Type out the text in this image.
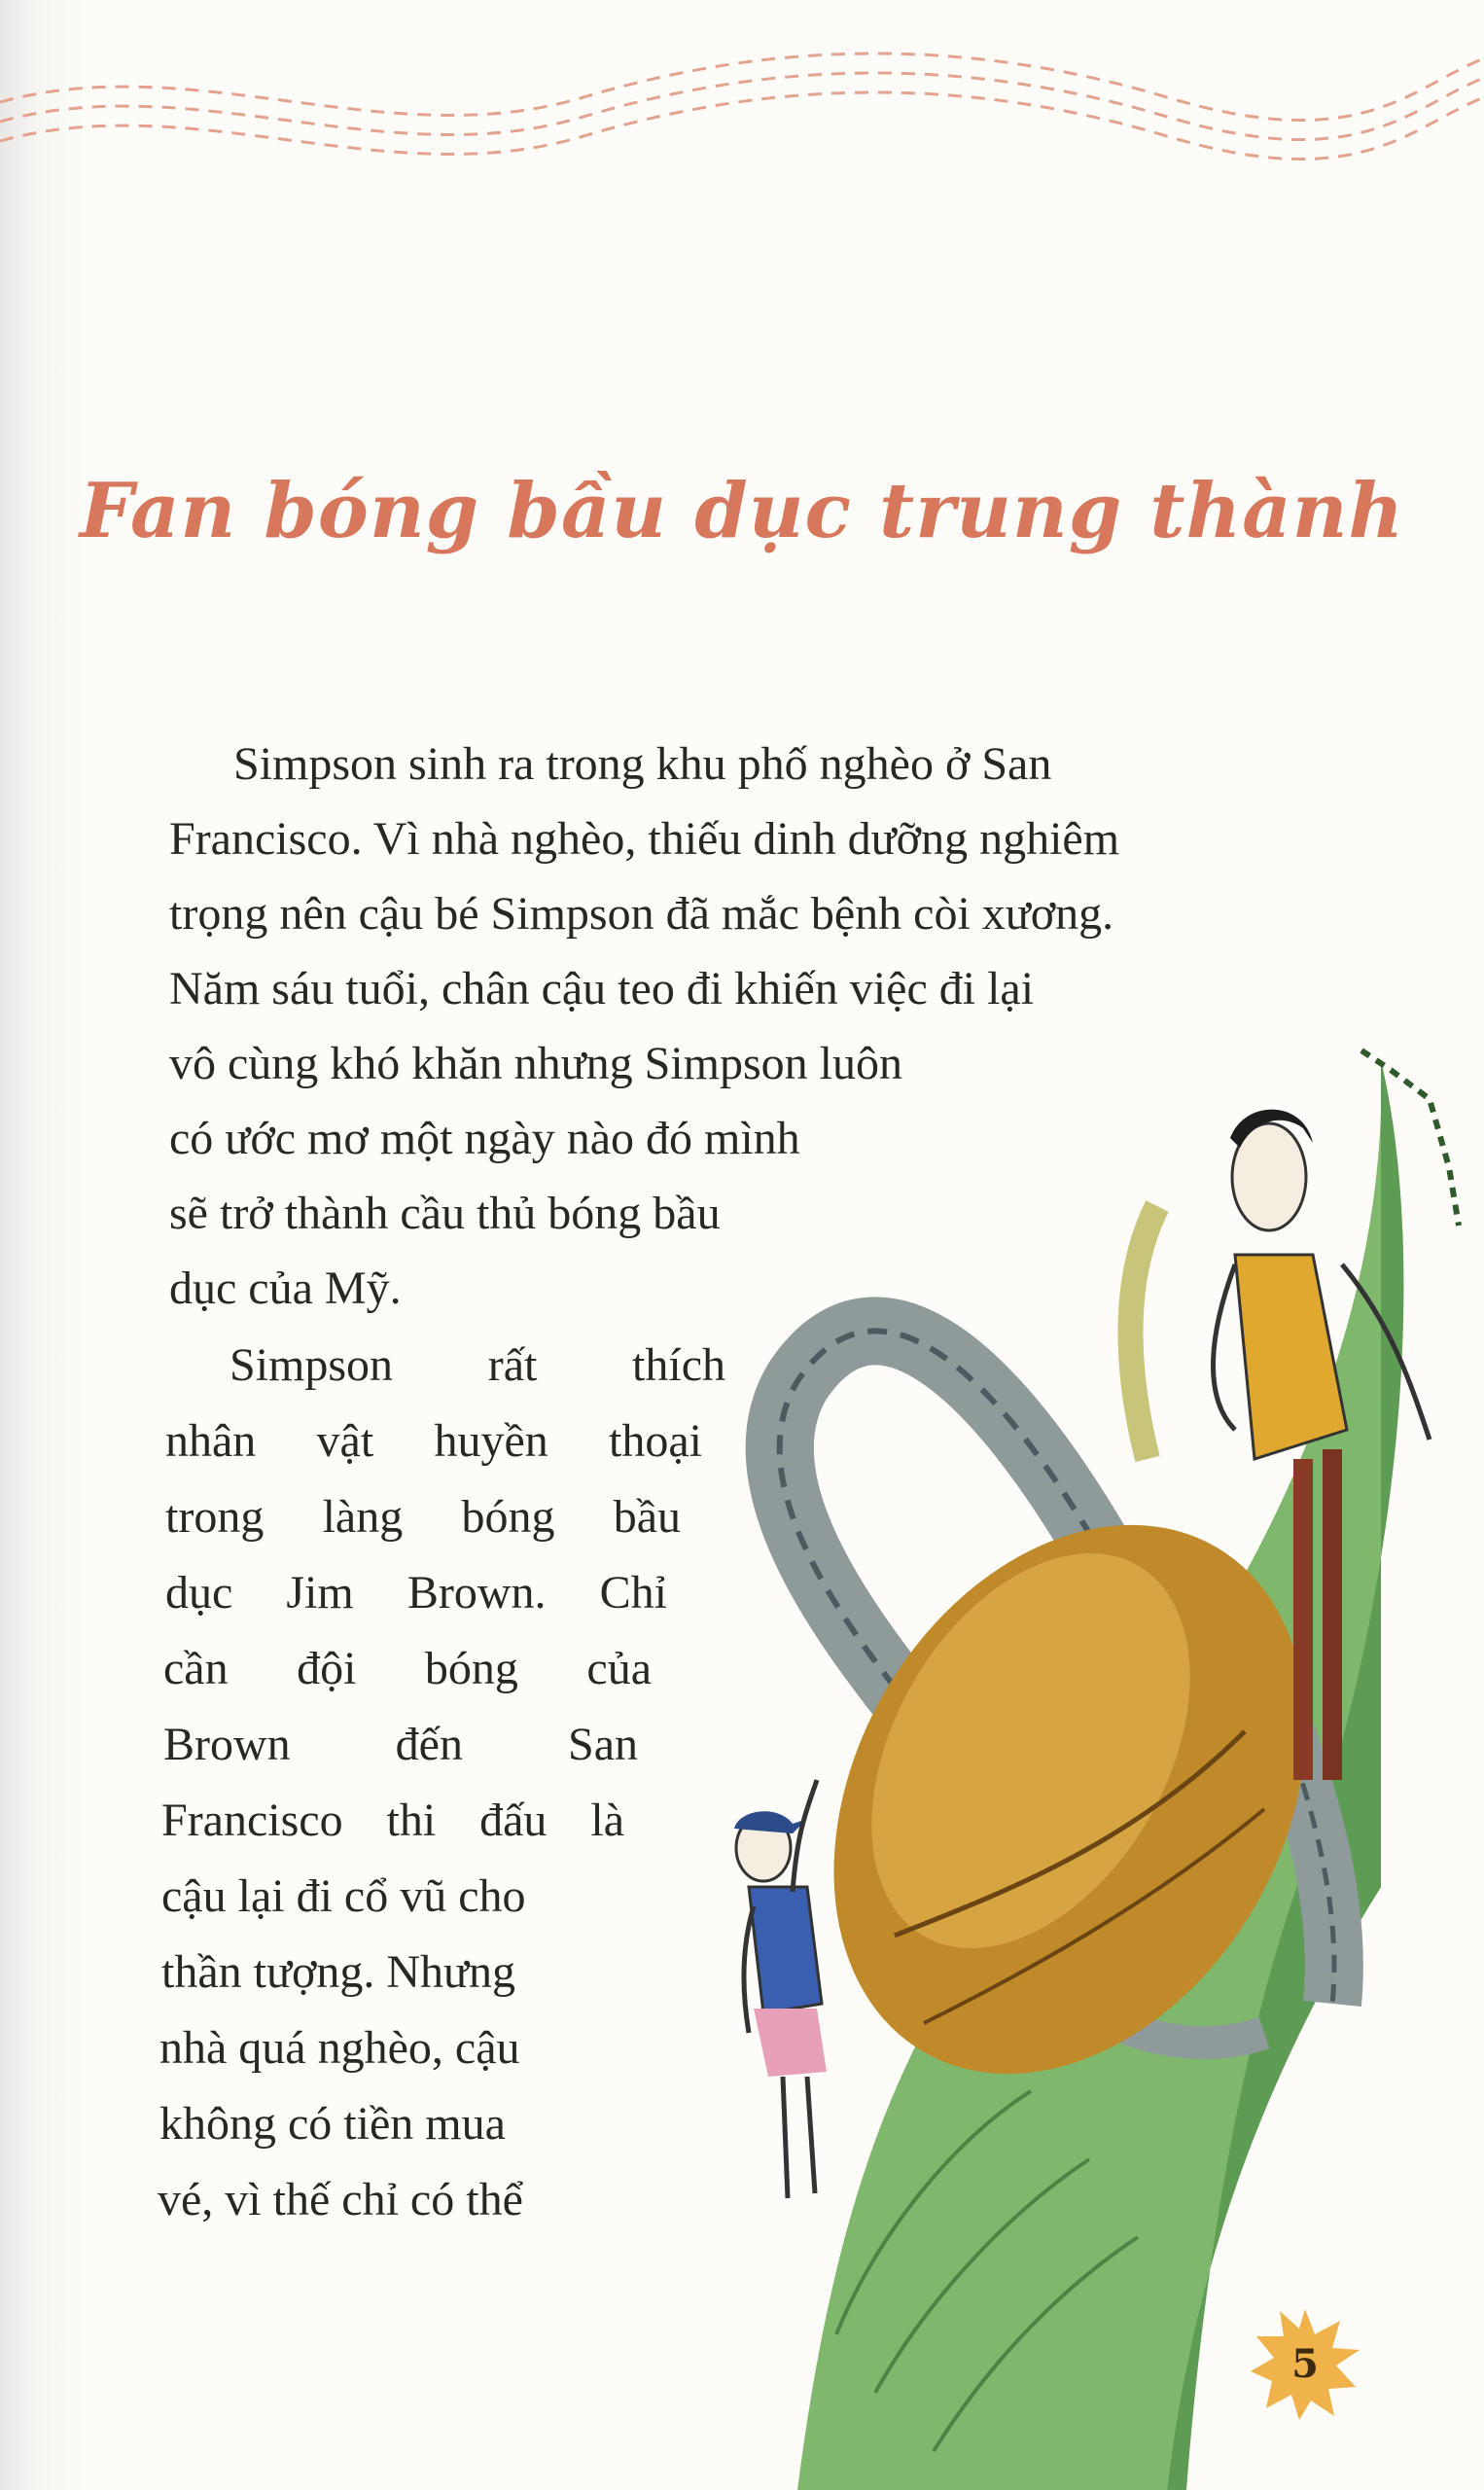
Fan bóng bầu dục trung thành
Simpson sinh ra trong khu phố nghèo ở San
Francisco. Vì nhà nghèo, thiếu dinh dưỡng nghiêm
trọng nên cậu bé Simpson đã mắc bệnh còi xương.
Năm sáu tuổi, chân cậu teo đi khiến việc đi lại
vô cùng khó khăn nhưng Simpson luôn
có ước mơ một ngày nào đó mình
sẽ trở thành cầu thủ bóng bầu
dục của Mỹ.
Simpson rất thích
nhân vật huyền thoại
trong làng bóng bầu
dục Jim Brown. Chỉ
cần đội bóng của
Brown đến San
Francisco thi đấu là
cậu lại đi cổ vũ cho
thần tượng. Nhưng
nhà quá nghèo, cậu
không có tiền mua
vé, vì thế chỉ có thể
5
